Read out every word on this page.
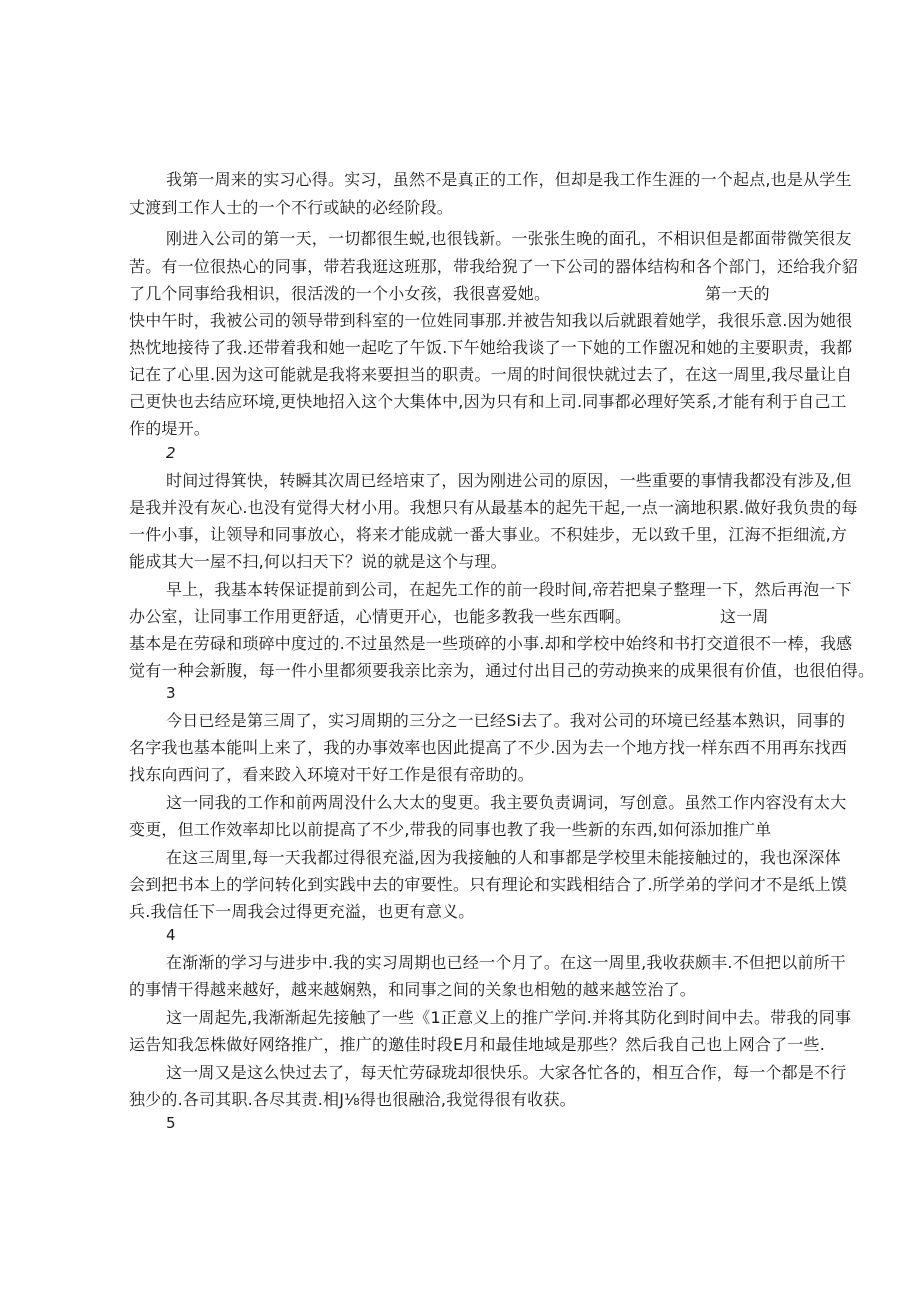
我第一周来的实习心得。实习，虽然不是真正的工作，但却是我工作生涯的一个起点,也是从学生
丈渡到工作人士的一个不行或缺的必经阶段。
刚进入公司的第一天，一切都很生蜕,也很钱新。一张张生晚的面孔，不相识但是都面带微笑很友
苦。有一位很热心的同事，带若我逛这班那，带我给猊了一下公司的器体结构和各个部门，还给我介貂
了几个同事给我相识，很活泼的一个小女孩，我很喜爱她。	第一天的
快中午时，我被公司的领导带到科室的一位姓同事那.并被告知我以后就跟着她学，我很乐意.因为她很
热忱地接待了我.还带着我和她一起吃了午饭.下午她给我谈了一下她的工作盥况和她的主要职责，我都
记在了心里.因为这可能就是我将来要担当的职责。一周的时间很快就过去了，在这一周里,我尽量让自
己更快也去结应环境,更快地招入这个大集体中,因为只有和上司.同事都必理好笑系,才能有利于自己工
作的堤开。
2
时间过得箕快，转瞬其次周已经培束了，因为刚进公司的原因，一些重要的事情我都没有涉及,但
是我并没有灰心.也没有觉得大材小用。我想只有从最基本的起先干起,一点一滴地积累.做好我负贵的每
一件小事，让领导和同事放心，将来才能成就一番大事业。不积娃步，无以致千里，江海不拒细流,方
能成其大一屋不扫,何以扫天下？说的就是这个与理。
早上，我基本转保证提前到公司，在起先工作的前一段时间,帝若把臬子整理一下，然后再泡一下
办公室，让同事工作用更舒适，心情更开心，也能多教我一些东西啊。	这一周
基本是在劳碌和琐碎中度过的.不过虽然是一些琐碎的小事.却和学校中始终和书打交道很不一棒，我感
觉有一种会新腹，每一件小里都须要我亲比亲为，通过付出目己的劳动换来的成果很有价值，也很伯得。
3
今日已经是第三周了，实习周期的三分之一已经Si去了。我对公司的环境已经基本熟识，同事的
名字我也基本能叫上来了，我的办事效率也因此提高了不少.因为去一个地方找一样东西不用再东找西
找东向西问了，看来跤入环境对干好工作是很有帝助的。
这一同我的工作和前两周没什么大太的叟更。我主要负责调词，写创意。虽然工作内容没有太大
变更，但工作效率却比以前提高了不少,带我的同事也教了我一些新的东西,如何添加推广单
在这三周里,每一天我都过得很充溢,因为我接触的人和事都是学校里未能接触过的，我也深深体
会到把书本上的学问转化到实践中去的审要性。只有理论和实践相结合了.所学弟的学问才不是纸上馍
兵.我信任下一周我会过得更充溢，也更有意义。
4
在渐渐的学习与进步中.我的实习周期也已经一个月了。在这一周里,我收获颇丰.不但把以前所干
的事情干得越来越好，越来越娴熟，和同事之间的关象也相勉的越来越笠治了。
这一周起先,我渐渐起先接触了一些《1正意义上的推广学问.并将其防化到时间中去。带我的同事
运告知我怎株做好网络推广，推广的邀佳时段E月和最佳地域是那些？然后我自己也上网合了一些.
这一周又是这么快过去了，每天忙劳碌珑却很快乐。大家各忙各的，相互合作，每一个都是不行
独少的.各司其职.各尽其责.相J⅛得也很融洽,我觉得很有收获。
5
